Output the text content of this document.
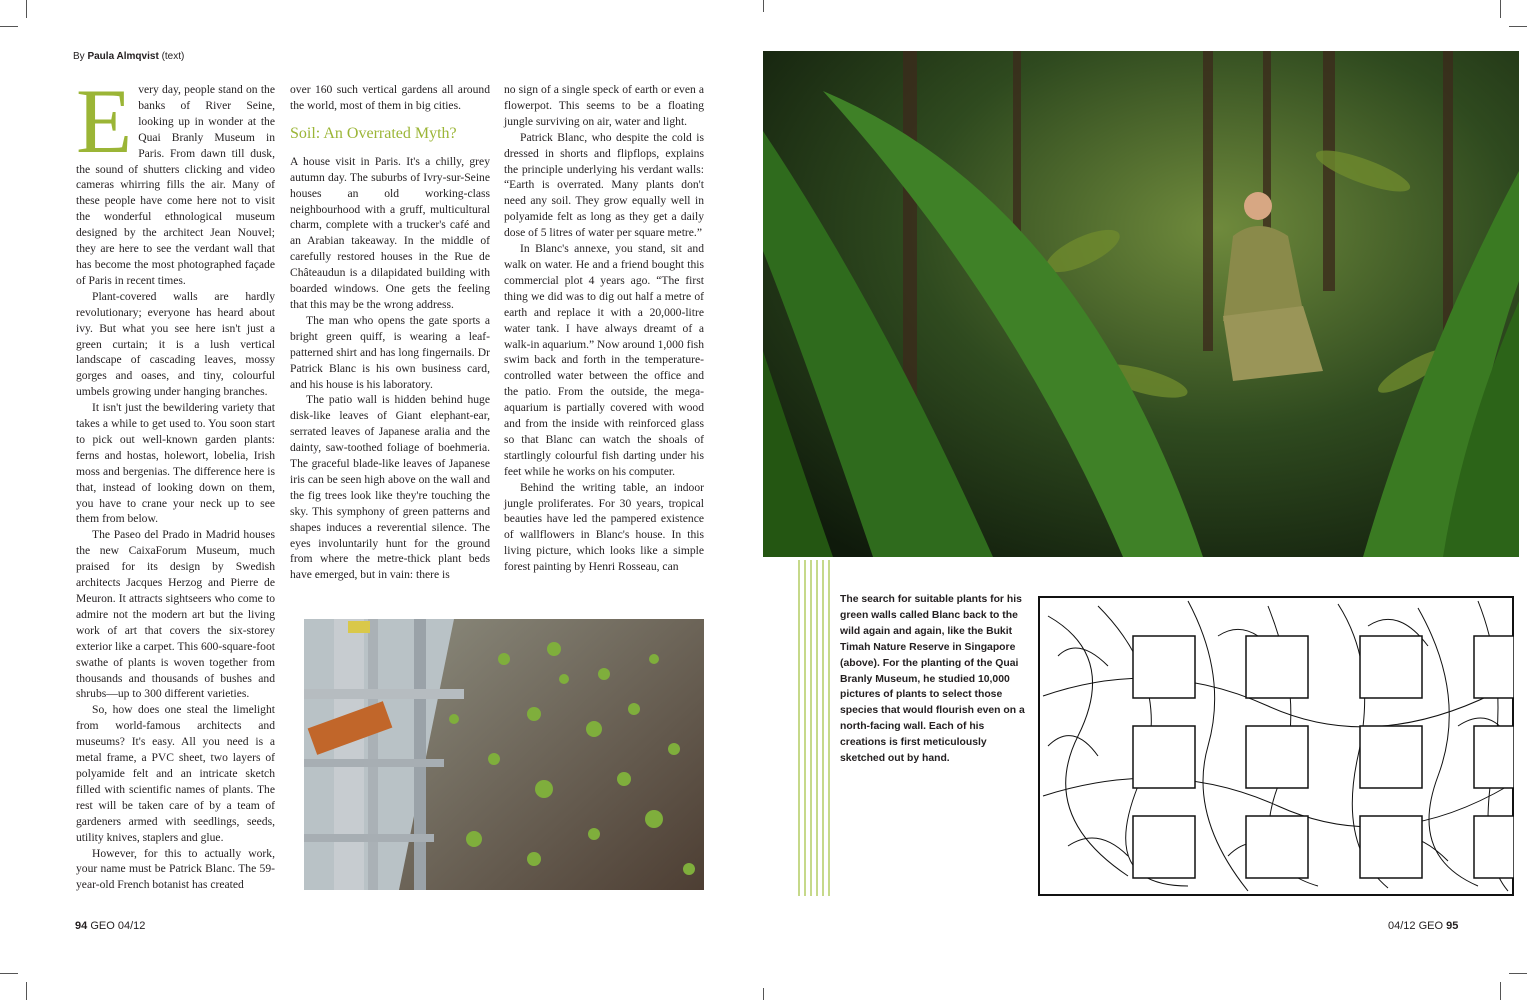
By Paula Almqvist (text)

Every day, people stand on the banks of River Seine, looking up in wonder at the Quai Branly Museum in Paris. From dawn till dusk, the sound of shutters clicking and video cameras whirring fills the air. Many of these people have come here not to visit the wonderful ethnological museum designed by the architect Jean Nouvel; they are here to see the verdant wall that has become the most photographed façade of Paris in recent times.

Plant-covered walls are hardly revolutionary; everyone has heard about ivy. But what you see here isn't just a green curtain; it is a lush vertical landscape of cascading leaves, mossy gorges and oases, and tiny, colourful umbels growing under hanging branches.

It isn't just the bewildering variety that takes a while to get used to. You soon start to pick out well-known garden plants: ferns and hostas, holewort, lobelia, Irish moss and bergenias. The difference here is that, instead of looking down on them, you have to crane your neck up to see them from below.

The Paseo del Prado in Madrid houses the new CaixaForum Museum, much praised for its design by Swedish architects Jacques Herzog and Pierre de Meuron. It attracts sightseers who come to admire not the modern art but the living work of art that covers the six-storey exterior like a carpet. This 600-square-foot swathe of plants is woven together from thousands and thousands of bushes and shrubs—up to 300 different varieties.

So, how does one steal the limelight from world-famous architects and museums? It's easy. All you need is a metal frame, a PVC sheet, two layers of polyamide felt and an intricate sketch filled with scientific names of plants. The rest will be taken care of by a team of gardeners armed with seedlings, seeds, utility knives, staplers and glue.

However, for this to actually work, your name must be Patrick Blanc. The 59-year-old French botanist has created

over 160 such vertical gardens all around the world, most of them in big cities.

Soil: An Overrated Myth?

A house visit in Paris. It's a chilly, grey autumn day. The suburbs of Ivry-sur-Seine houses an old working-class neighbourhood with a gruff, multicultural charm, complete with a trucker's café and an Arabian takeaway. In the middle of carefully restored houses in the Rue de Châteaudun is a dilapidated building with boarded windows. One gets the feeling that this may be the wrong address.

The man who opens the gate sports a bright green quiff, is wearing a leaf-patterned shirt and has long fingernails. Dr Patrick Blanc is his own business card, and his house is his laboratory.

The patio wall is hidden behind huge disk-like leaves of Giant elephant-ear, serrated leaves of Japanese aralia and the dainty, saw-toothed foliage of boehmeria. The graceful blade-like leaves of Japanese iris can be seen high above on the wall and the fig trees look like they're touching the sky. This symphony of green patterns and shapes induces a reverential silence. The eyes involuntarily hunt for the ground from where the metre-thick plant beds have emerged, but in vain: there is

no sign of a single speck of earth or even a flowerpot. This seems to be a floating jungle surviving on air, water and light.

Patrick Blanc, who despite the cold is dressed in shorts and flipflops, explains the principle underlying his verdant walls: “Earth is overrated. Many plants don't need any soil. They grow equally well in polyamide felt as long as they get a daily dose of 5 litres of water per square metre.”

In Blanc's annexe, you stand, sit and walk on water. He and a friend bought this commercial plot 4 years ago. “The first thing we did was to dig out half a metre of earth and replace it with a 20,000-litre water tank. I have always dreamt of a walk-in aquarium.” Now around 1,000 fish swim back and forth in the temperature-controlled water between the office and the patio. From the outside, the mega-aquarium is partially covered with wood and from the inside with reinforced glass so that Blanc can watch the shoals of startlingly colourful fish darting under his feet while he works on his computer.

Behind the writing table, an indoor jungle proliferates. For 30 years, tropical beauties have led the pampered existence of wallflowers in Blanc's house. In this living picture, which looks like a simple forest painting by Henri Rosseau, can

The search for suitable plants for his green walls called Blanc back to the wild again and again, like the Bukit Timah Nature Reserve in Singapore (above). For the planting of the Quai Branly Museum, he studied 10,000 pictures of plants to select those species that would flourish even on a north-facing wall. Each of his creations is first meticulously sketched out by hand.
94 GEO 04/12	04/12 GEO 95
